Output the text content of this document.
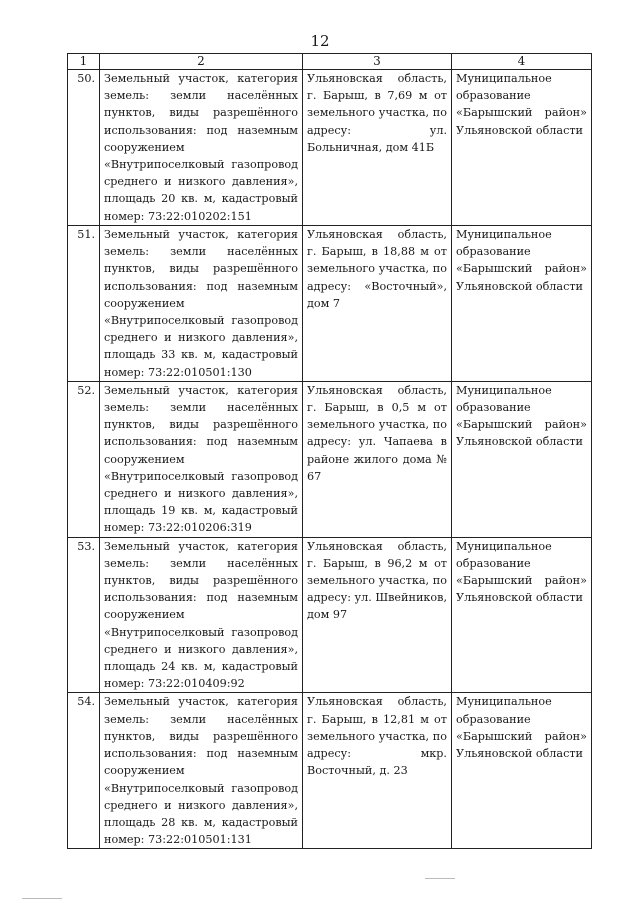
12
1	2	3	4
50.	Земельный участок, категория земель: земли населённых пунктов, виды разрешённого использования: под наземным сооружением «Внутрипоселковый газопровод среднего и низкого давления», площадь 20 кв. м, кадастровый номер: 73:22:010202:151	Ульяновская область, г. Барыш, в 7,69 м от земельного участка, по адресу: ул. Больничная, дом 41Б	Муниципальное образование «Барышский район» Ульяновской области
51.	Земельный участок, категория земель: земли населённых пунктов, виды разрешённого использования: под наземным сооружением «Внутрипоселковый газопровод среднего и низкого давления», площадь 33 кв. м, кадастровый номер: 73:22:010501:130	Ульяновская область, г. Барыш, в 18,88 м от земельного участка, по адресу: «Восточный», дом 7	Муниципальное образование «Барышский район» Ульяновской области
52.	Земельный участок, категория земель: земли населённых пунктов, виды разрешённого использования: под наземным сооружением «Внутрипоселковый газопровод среднего и низкого давления», площадь 19 кв. м, кадастровый номер: 73:22:010206:319	Ульяновская область, г. Барыш, в 0,5 м от земельного участка, по адресу: ул. Чапаева в районе жилого дома № 67	Муниципальное образование «Барышский район» Ульяновской области
53.	Земельный участок, категория земель: земли населённых пунктов, виды разрешённого использования: под наземным сооружением «Внутрипоселковый газопровод среднего и низкого давления», площадь 24 кв. м, кадастровый номер: 73:22:010409:92	Ульяновская область, г. Барыш, в 96,2 м от земельного участка, по адресу: ул. Швейников, дом 97	Муниципальное образование «Барышский район» Ульяновской области
54.	Земельный участок, категория земель: земли населённых пунктов, виды разрешённого использования: под наземным сооружением «Внутрипоселковый газопровод среднего и низкого давления», площадь 28 кв. м, кадастровый номер: 73:22:010501:131	Ульяновская область, г. Барыш, в 12,81 м от земельного участка, по адресу: мкр. Восточный, д. 23	Муниципальное образование «Барышский район» Ульяновской области
